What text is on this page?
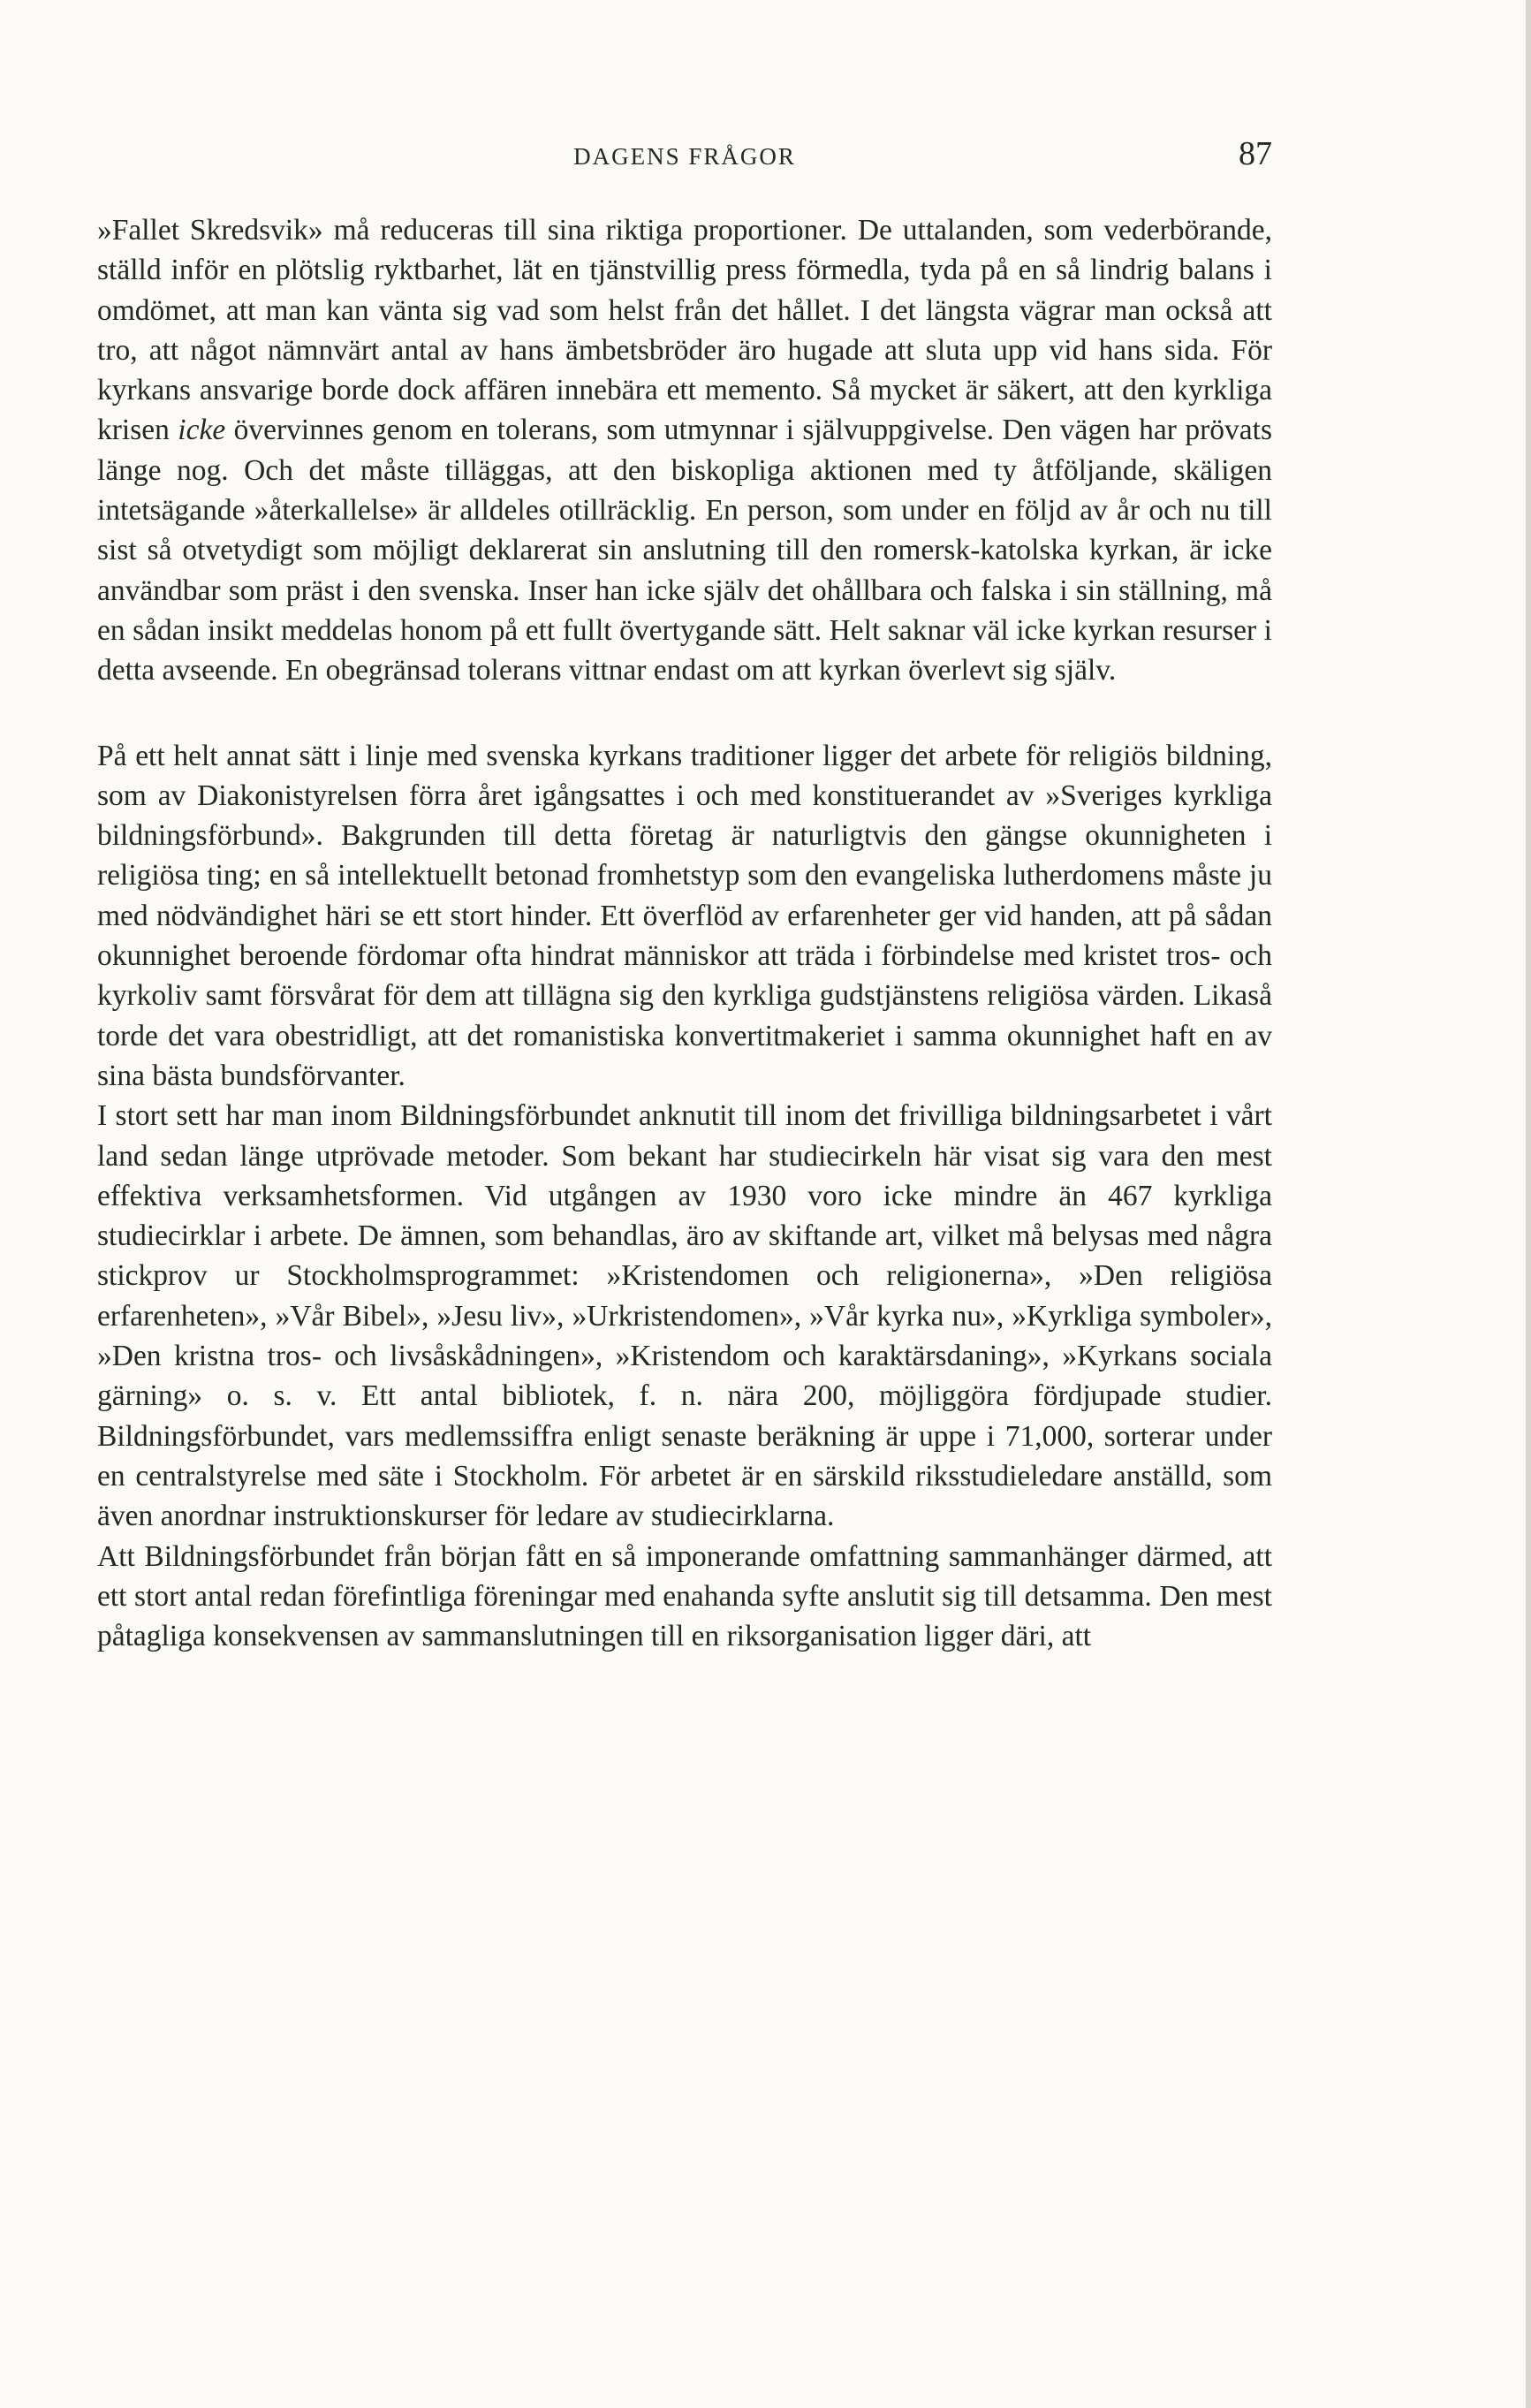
DAGENS FRÅGOR	87

»Fallet Skredsvik» må reduceras till sina riktiga proportioner. De uttalanden, som vederbörande, ställd inför en plötslig ryktbarhet, lät en tjänstvillig press förmedla, tyda på en så lindrig balans i omdömet, att man kan vänta sig vad som helst från det hållet. I det längsta vägrar man också att tro, att något nämnvärt antal av hans ämbetsbröder äro hugade att sluta upp vid hans sida. För kyrkans ansvarige borde dock affären innebära ett memento. Så mycket är säkert, att den kyrkliga krisen icke övervinnes genom en tolerans, som utmynnar i självuppgivelse. Den vägen har prövats länge nog. Och det måste tilläggas, att den biskopliga aktionen med ty åtföljande, skäligen intetsägande »återkallelse» är alldeles otillräcklig. En person, som under en följd av år och nu till sist så otvetydigt som möjligt deklarerat sin anslutning till den romersk-katolska kyrkan, är icke användbar som präst i den svenska. Inser han icke själv det ohållbara och falska i sin ställning, må en sådan insikt meddelas honom på ett fullt övertygande sätt. Helt saknar väl icke kyrkan resurser i detta avseende. En obegränsad tolerans vittnar endast om att kyrkan överlevt sig själv.

På ett helt annat sätt i linje med svenska kyrkans traditioner ligger det arbete för religiös bildning, som av Diakonistyrelsen förra året igångsattes i och med konstituerandet av »Sveriges kyrkliga bildningsförbund». Bakgrunden till detta företag är naturligtvis den gängse okunnigheten i religiösa ting; en så intellektuellt betonad fromhetstyp som den evangeliska lutherdomens måste ju med nödvändighet häri se ett stort hinder. Ett överflöd av erfarenheter ger vid handen, att på sådan okunnighet beroende fördomar ofta hindrat människor att träda i förbindelse med kristet tros- och kyrkoliv samt försvårat för dem att tillägna sig den kyrkliga gudstjänstens religiösa värden. Likaså torde det vara obestridligt, att det romanistiska konvertitmakeriet i samma okunnighet haft en av sina bästa bundsförvanter.

I stort sett har man inom Bildningsförbundet anknutit till inom det frivilliga bildningsarbetet i vårt land sedan länge utprövade metoder. Som bekant har studiecirkeln här visat sig vara den mest effektiva verksamhetsformen. Vid utgången av 1930 voro icke mindre än 467 kyrkliga studiecirklar i arbete. De ämnen, som behandlas, äro av skiftande art, vilket må belysas med några stickprov ur Stockholmsprogrammet: »Kristendomen och religionerna», »Den religiösa erfarenheten», »Vår Bibel», »Jesu liv», »Urkristendomen», »Vår kyrka nu», »Kyrkliga symboler», »Den kristna tros- och livsåskådningen», »Kristendom och karaktärsdaning», »Kyrkans sociala gärning» o. s. v. Ett antal bibliotek, f. n. nära 200, möjliggöra fördjupade studier. Bildningsförbundet, vars medlemssiffra enligt senaste beräkning är uppe i 71,000, sorterar under en centralstyrelse med säte i Stockholm. För arbetet är en särskild riksstudieledare anställd, som även anordnar instruktionskurser för ledare av studiecirklarna.

Att Bildningsförbundet från början fått en så imponerande omfattning sammanhänger därmed, att ett stort antal redan förefintliga föreningar med enahanda syfte anslutit sig till detsamma. Den mest påtagliga konsekvensen av sammanslutningen till en riksorganisation ligger däri, att
